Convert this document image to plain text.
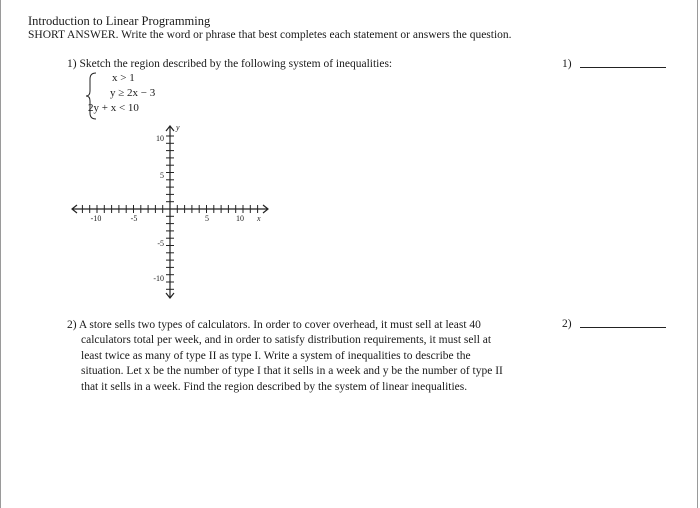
Introduction to Linear Programming
SHORT ANSWER. Write the word or phrase that best completes each statement or answers the question.
1) Sketch the region described by the following system of inequalities:	1)
x > 1
y ≥ 2x − 3
2y + x < 10
-10	-5	5	10
10
5
-5
-10
x
y
2) A store sells two types of calculators. In order to cover overhead, it must sell at least 40
calculators total per week, and in order to satisfy distribution requirements, it must sell at
least twice as many of type II as type I. Write a system of inequalities to describe the
situation. Let x be the number of type I that it sells in a week and y be the number of type II
that it sells in a week. Find the region described by the system of linear inequalities.
2)
